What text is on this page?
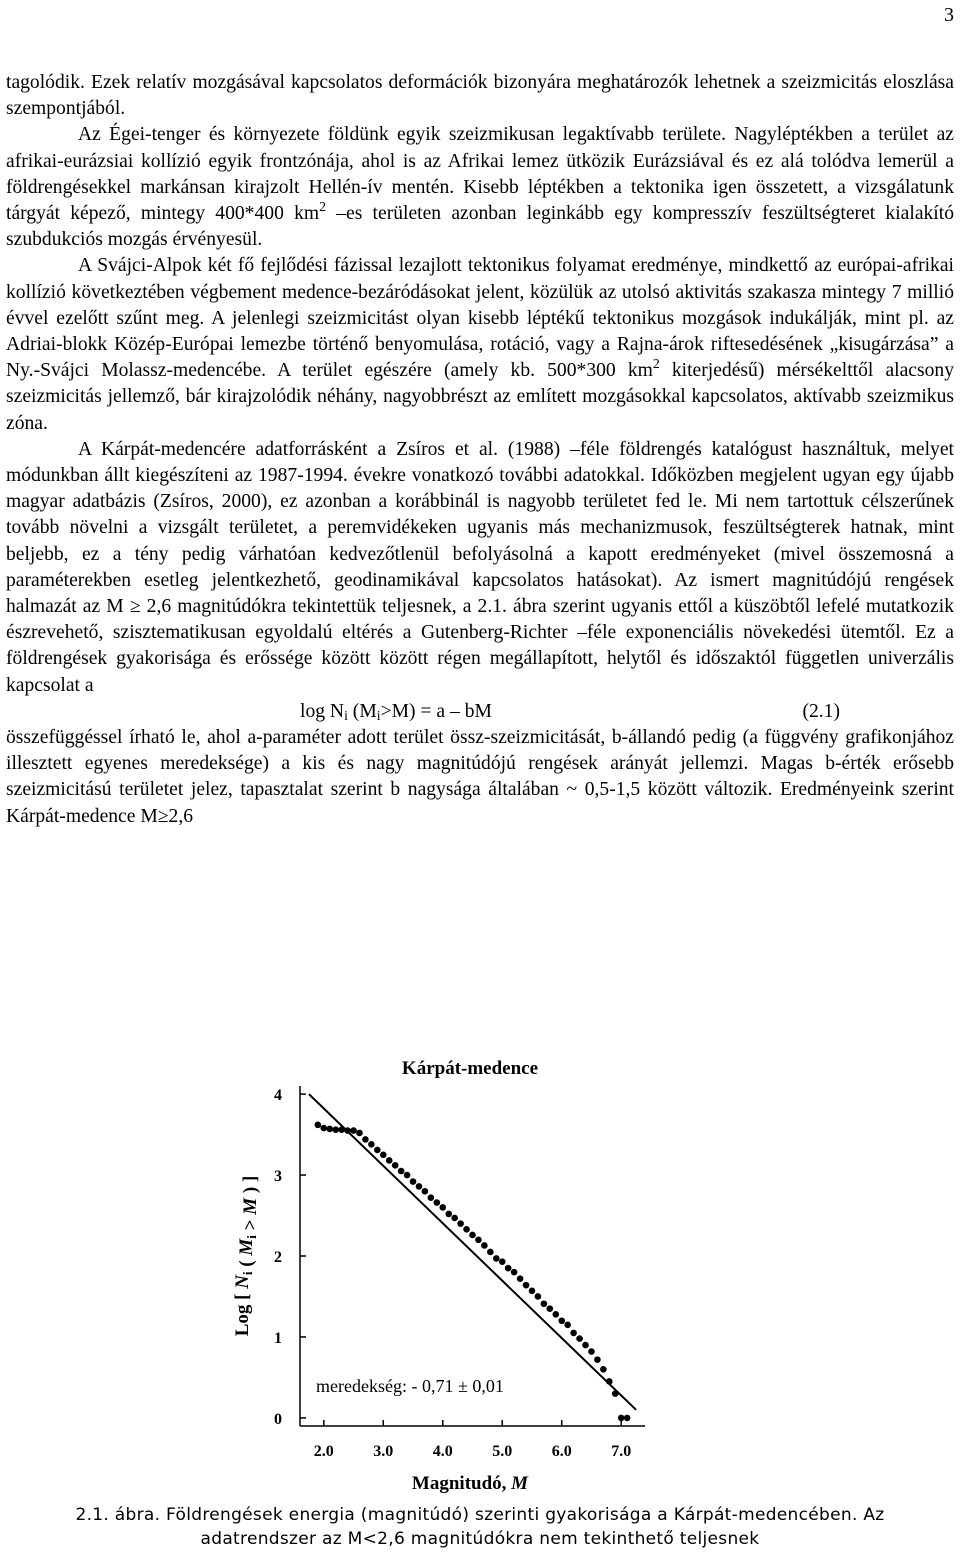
3

tagolódik. Ezek relatív mozgásával kapcsolatos deformációk bizonyára meghatározók lehetnek a szeizmicitás eloszlása szempontjából.

Az Égei-tenger és környezete földünk egyik szeizmikusan legaktívabb területe. Nagyléptékben a terület az afrikai-eurázsiai kollízió egyik frontzónája, ahol is az Afrikai lemez ütközik Eurázsiával és ez alá tolódva lemerül a földrengésekkel markánsan kirajzolt Hellén-ív mentén. Kisebb léptékben a tektonika igen összetett, a vizsgálatunk tárgyát képező, mintegy 400*400 $km^2$ –es területen azonban leginkább egy kompresszív feszültségteret kialakító szubdukciós mozgás érvényesül.

A Svájci-Alpok két fő fejlődési fázissal lezajlott tektonikus folyamat eredménye, mindkettő az európai-afrikai kollízió következtében végbement medence-bezáródásokat jelent, közülük az utolsó aktivitás szakasza mintegy 7 millió évvel ezelőtt szűnt meg. A jelenlegi szeizmicitást olyan kisebb léptékű tektonikus mozgások indukálják, mint pl. az Adriai-blokk Közép-Európai lemezbe történő benyomulása, rotáció, vagy a Rajna-árok riftesedésének „kisugárzása” a Ny.-Svájci Molassz-medencébe. A terület egészére (amely kb. 500*300 $km^2$ kiterjedésű) mérsékelttől alacsony szeizmicitás jellemző, bár kirajzolódik néhány, nagyobbrészt az említett mozgásokkal kapcsolatos, aktívabb szeizmikus zóna.

A Kárpát-medencére adatforrásként a Zsíros et al. (1988) –féle földrengés katalógust használtuk, melyet módunkban állt kiegészíteni az 1987-1994. évekre vonatkozó további adatokkal. Időközben megjelent ugyan egy újabb magyar adatbázis (Zsíros, 2000), ez azonban a korábbinál is nagyobb területet fed le. Mi nem tartottuk célszerűnek tovább növelni a vizsgált területet, a peremvidékeken ugyanis más mechanizmusok, feszültségterek hatnak, mint beljebb, ez a tény pedig várhatóan kedvezőtlenül befolyásolná a kapott eredményeket (mivel összemosná a paraméterekben esetleg jelentkezhető, geodinamikával kapcsolatos hatásokat). Az ismert magnitúdójú rengések halmazát az M ≥ 2,6 magnitúdókra tekintettük teljesnek, a 2.1. ábra szerint ugyanis ettől a küszöbtől lefelé mutatkozik észrevehető, szisztematikusan egyoldalú eltérés a Gutenberg-Richter –féle exponenciális növekedési ütemtől. Ez a földrengések gyakorisága és erőssége között között régen megállapított, helytől és időszaktól független univerzális kapcsolat a

$\log N_i$ $(M_i>M) = a$ – bM	(2.1)

összefüggéssel írható le, ahol a-paraméter adott terület össz-szeizmicitását, b-állandó pedig (a függvény grafikonjához illesztett egyenes meredeksége) a kis és nagy magnitúdójú rengések arányát jellemzi. Magas b-érték erősebb szeizmicitású területet jelez, tapasztalat szerint b nagysága általában ~ 0,5-1,5 között változik. Eredményeink szerint Kárpát-medence M≥2,6

Kárpát-medence
0
1
2
3
4
2.0 3.0 4.0 5.0 6.0 7.0
meredekség: - 0,71 ± 0,01
Magnitudó, M
Log [ $N_i$ ( $M_i > M$ ) ]
2.1. ábra. Földrengések energia (magnitúdó) szerinti gyakorisága a Kárpát-medencében. Az
adatrendszer az M<2,6 magnitúdókra nem tekinthető teljesnek
